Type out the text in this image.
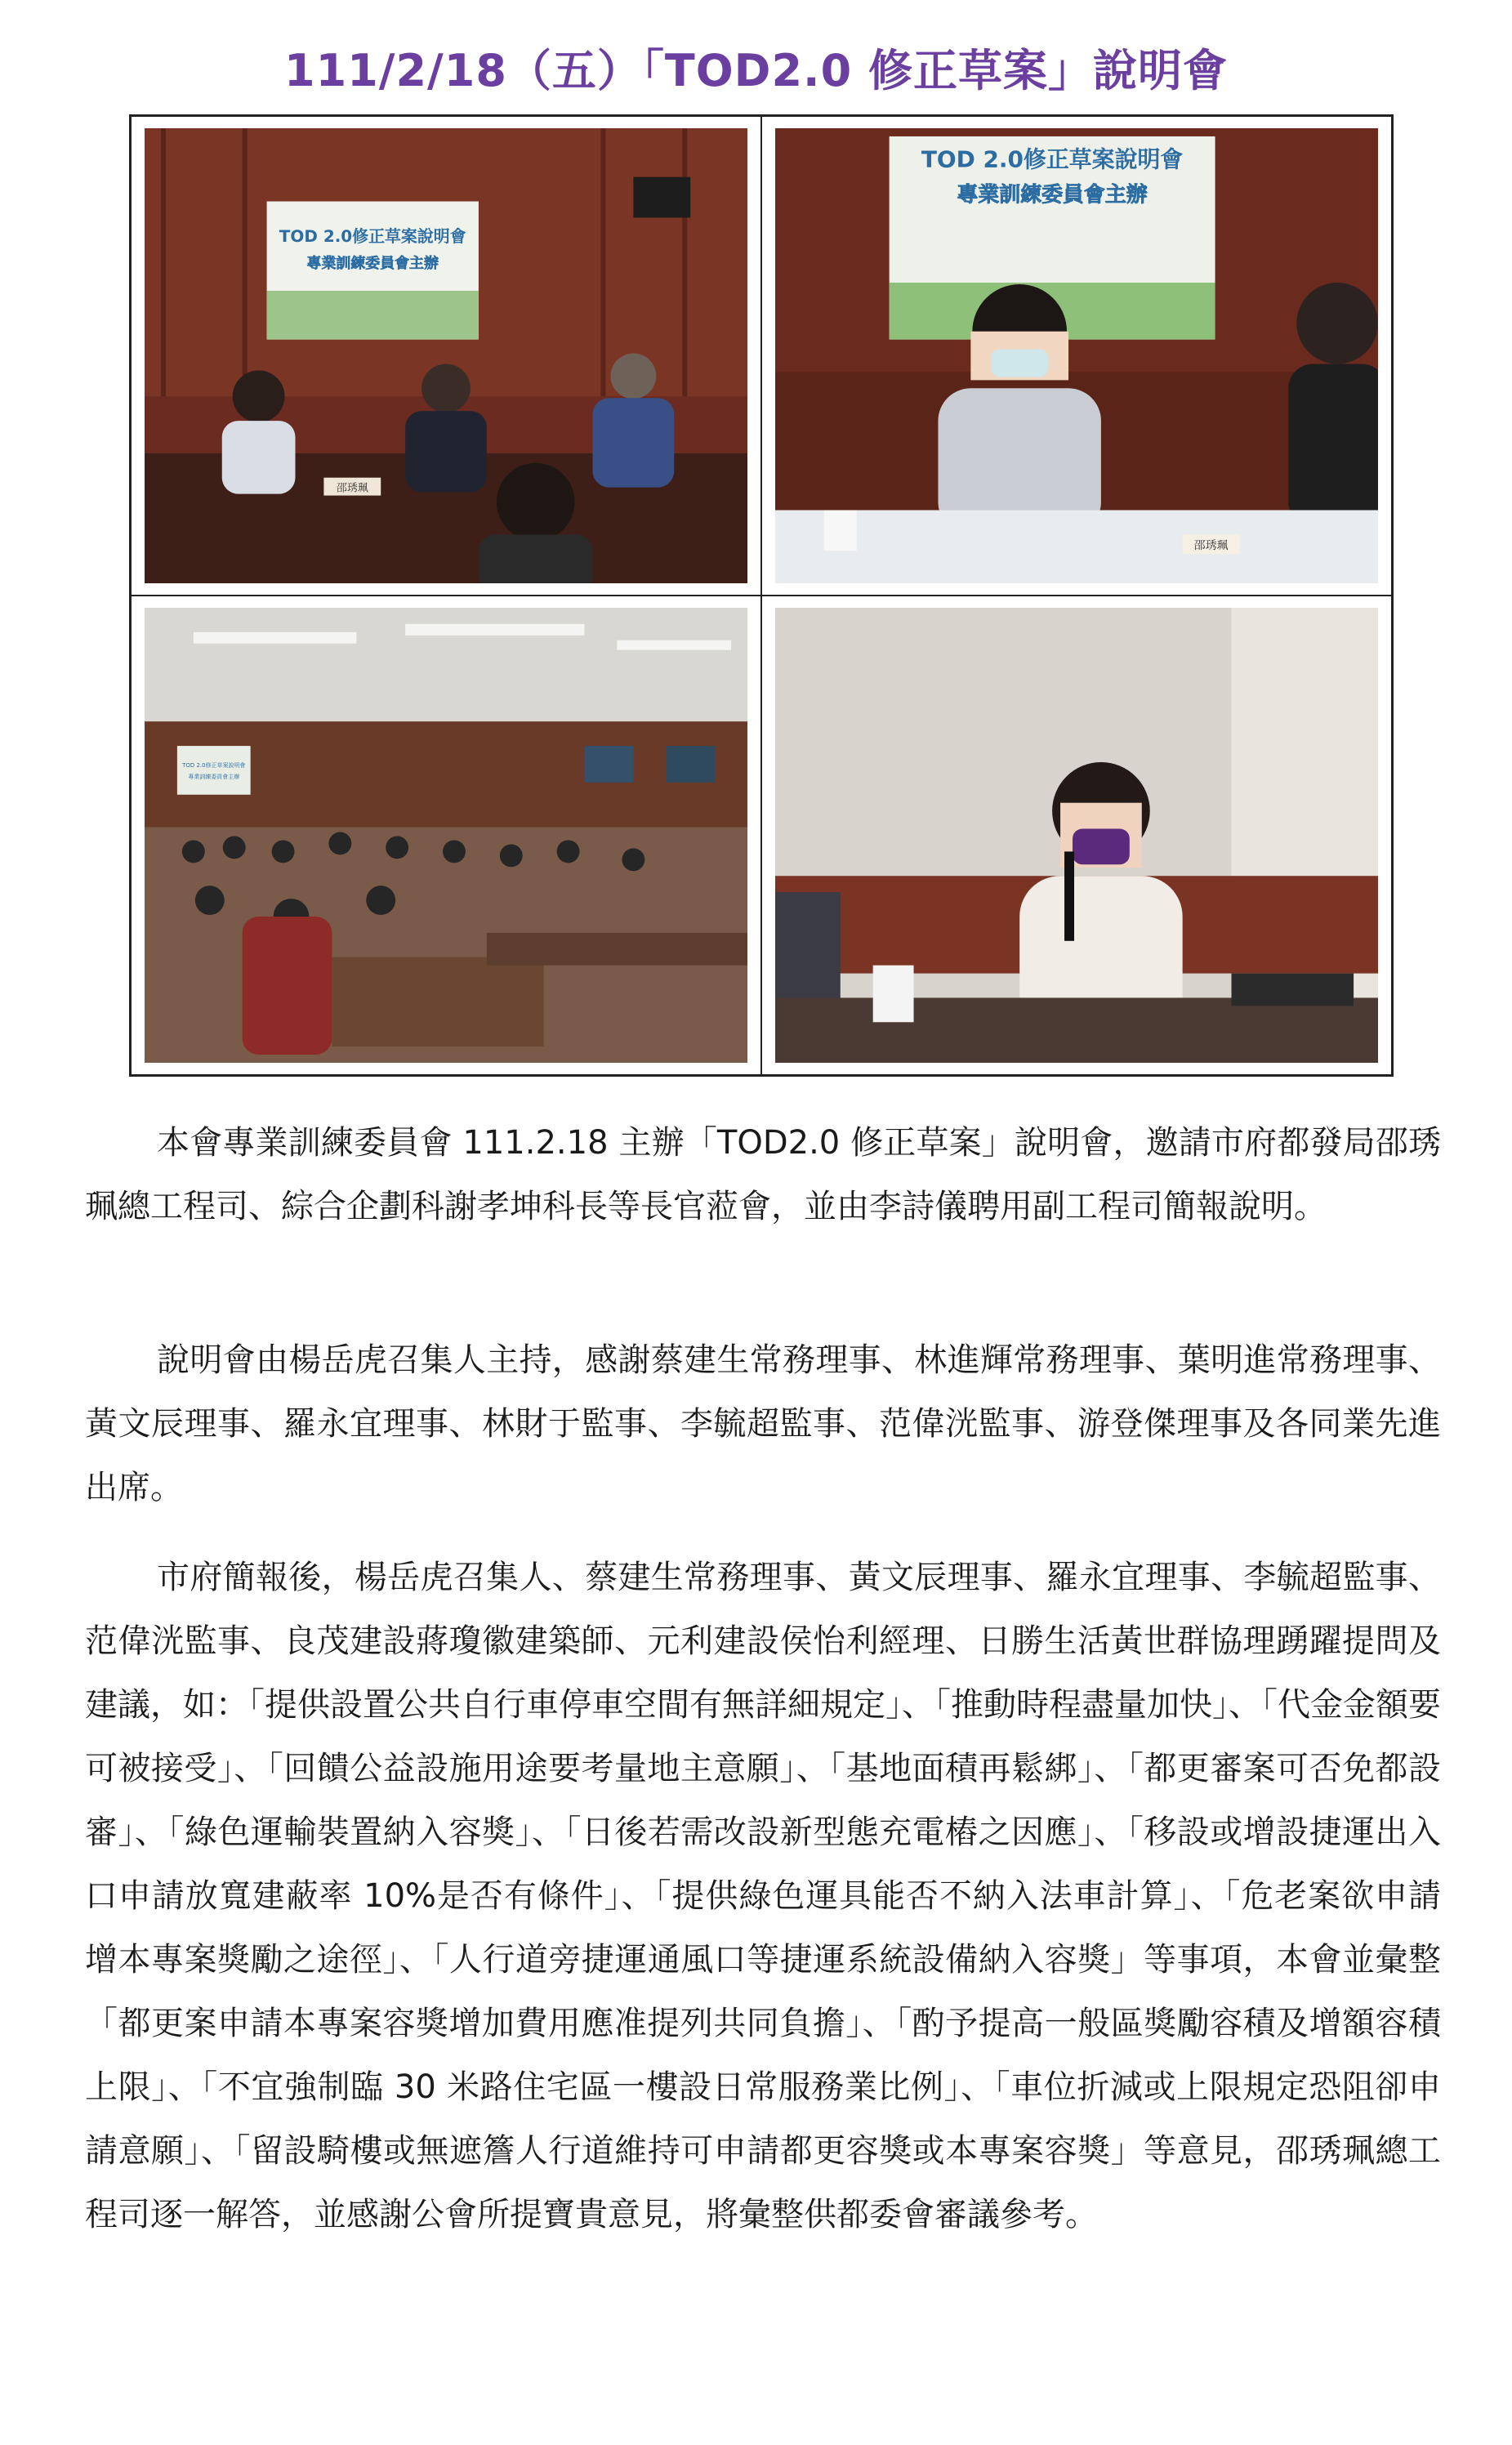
111/2/18（五）「TOD2.0 修正草案」說明會
TOD 2.0修正草案說明會
專業訓練委員會主辦
邵琇珮
TOD 2.0修正草案說明會
專業訓練委員會主辦
邵琇珮
TOD 2.0修正草案說明會
專業訓練委員會主辦
本會專業訓練委員會 111.2.18 主辦「TOD2.0 修正草案」說明會，邀請市府都發局邵琇珮總工程司、綜合企劃科謝孝坤科長等長官蒞會，並由李詩儀聘用副工程司簡報說明。
說明會由楊岳虎召集人主持，感謝蔡建生常務理事、林進輝常務理事、葉明進常務理事、黃文辰理事、羅永宜理事、林財于監事、李毓超監事、范偉洸監事、游登傑理事及各同業先進出席。
市府簡報後，楊岳虎召集人、蔡建生常務理事、黃文辰理事、羅永宜理事、李毓超監事、范偉洸監事、良茂建設蔣瓊徽建築師、元利建設侯怡利經理、日勝生活黃世群協理踴躍提問及建議，如：「提供設置公共自行車停車空間有無詳細規定」、「推動時程盡量加快」、「代金金額要可被接受」、「回饋公益設施用途要考量地主意願」、「基地面積再鬆綁」、「都更審案可否免都設審」、「綠色運輸裝置納入容獎」、「日後若需改設新型態充電樁之因應」、「移設或增設捷運出入口申請放寬建蔽率 10%是否有條件」、「提供綠色運具能否不納入法車計算」、「危老案欲申請增本專案獎勵之途徑」、「人行道旁捷運通風口等捷運系統設備納入容獎」等事項，本會並彙整「都更案申請本專案容獎增加費用應准提列共同負擔」、「酌予提高一般區獎勵容積及增額容積上限」、「不宜強制臨 30 米路住宅區一樓設日常服務業比例」、「車位折減或上限規定恐阻卻申請意願」、「留設騎樓或無遮簷人行道維持可申請都更容獎或本專案容獎」等意見，邵琇珮總工程司逐一解答，並感謝公會所提寶貴意見，將彙整供都委會審議參考。
